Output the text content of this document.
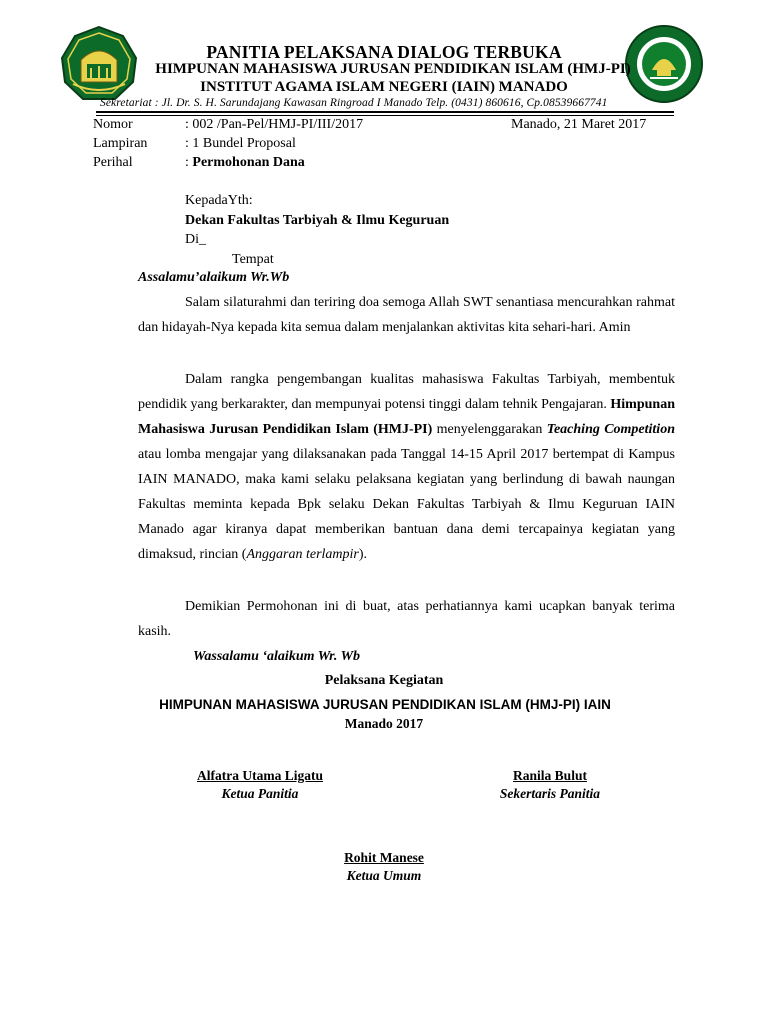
PANITIA PELAKSANA DIALOG TERBUKA
HIMPUNAN MAHASISWA JURUSAN PENDIDIKAN ISLAM (HMJ-PI)
INSTITUT AGAMA ISLAM NEGERI (IAIN) MANADO
Sekretariat : Jl. Dr. S. H. Sarundajang Kawasan Ringroad I Manado Telp. (0431) 860616, Cp.08539667741
Nomor	: 002 /Pan-Pel/HMJ-PI/III/2017	Manado, 21 Maret 2017
Lampiran	: 1 Bundel Proposal
Perihal	: Permohonan Dana
KepadaYth:
Dekan Fakultas Tarbiyah & Ilmu Keguruan
Di_
Tempat
Assalamu’alaikum Wr.Wb
Salam silaturahmi dan teriring doa semoga Allah SWT senantiasa mencurahkan rahmat dan hidayah-Nya kepada kita semua dalam menjalankan aktivitas kita sehari-hari. Amin
Dalam rangka pengembangan kualitas mahasiswa Fakultas Tarbiyah, membentuk pendidik yang berkarakter, dan mempunyai potensi tinggi dalam tehnik Pengajaran. Himpunan Mahasiswa Jurusan Pendidikan Islam (HMJ-PI) menyelenggarakan Teaching Competition atau lomba mengajar yang dilaksanakan pada Tanggal 14-15 April 2017 bertempat di Kampus IAIN MANADO, maka kami selaku pelaksana kegiatan yang berlindung di bawah naungan Fakultas meminta kepada Bpk selaku Dekan Fakultas Tarbiyah & Ilmu Keguruan IAIN Manado agar kiranya dapat memberikan bantuan dana demi tercapainya kegiatan yang dimaksud, rincian (Anggaran terlampir).
Demikian Permohonan ini di buat, atas perhatiannya kami ucapkan banyak terima kasih.
Wassalamu ‘alaikum Wr. Wb
Pelaksana Kegiatan
HIMPUNAN MAHASISWA JURUSAN PENDIDIKAN ISLAM (HMJ-PI) IAIN
Manado 2017
Alfatra Utama Ligatu
Ketua Panitia
Ranila Bulut
Sekertaris Panitia
Rohit Manese
Ketua Umum
